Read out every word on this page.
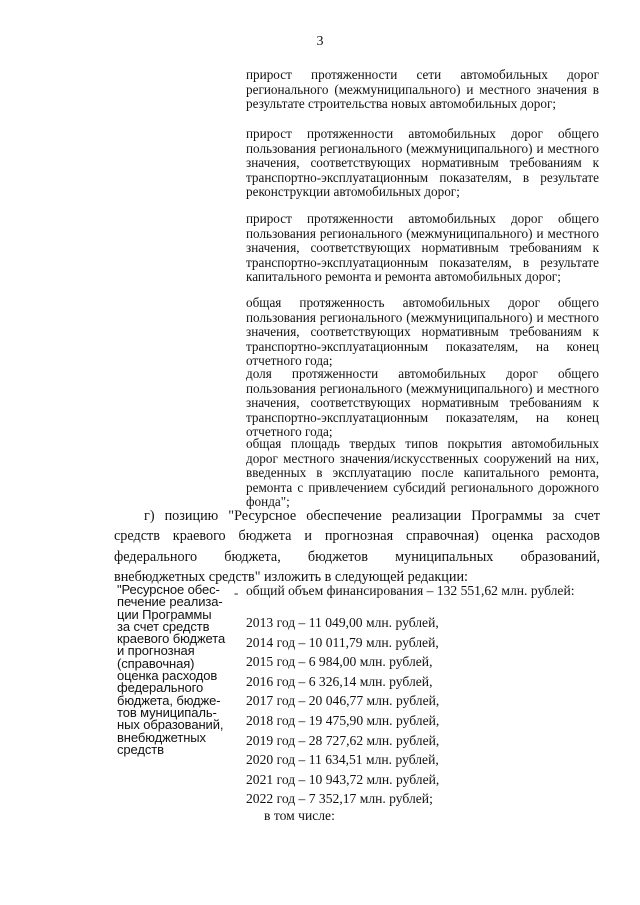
3
прирост протяженности сети автомобильных дорог регионального (межмуниципального) и местного значения в результате строительства новых автомобильных дорог;
прирост протяженности автомобильных дорог общего пользования регионального (межмуниципального) и местного значения, соответствующих нормативным требованиям к транспортно-эксплуатационным показателям, в результате реконструкции автомобильных дорог;
прирост протяженности автомобильных дорог общего пользования регионального (межмуниципального) и местного значения, соответствующих нормативным требованиям к транспортно-эксплуатационным показателям, в результате капитального ремонта и ремонта автомобильных дорог;
общая протяженность автомобильных дорог общего пользования регионального (межмуниципального) и местного значения, соответствующих нормативным требованиям к транспортно-эксплуатационным показателям, на конец отчетного года;
доля протяженности автомобильных дорог общего пользования регионального (межмуниципального) и местного значения, соответствующих нормативным требованиям к транспортно-эксплуатационным показателям, на конец отчетного года;
общая площадь твердых типов покрытия автомобильных дорог местного значения/искусственных сооружений на них, введенных в эксплуатацию после капитального ремонта, ремонта с привлечением субсидий регионального дорожного фонда";
г) позицию "Ресурсное обеспечение реализации Программы за счет средств краевого бюджета и прогнозная справочная) оценка расходов федерального бюджета, бюджетов муниципальных образований, внебюджетных средств" изложить в следующей редакции:
"Ресурсное обес-
печение реализа-
ции Программы
за счет средств
краевого бюджета
и прогнозная
(справочная)
оценка расходов
федерального
бюджета, бюдже-
тов муниципаль-
ных образований,
внебюджетных
средств
- общий объем финансирования – 132 551,62 млн. рублей:
2013 год – 11 049,00 млн. рублей,
2014 год – 10 011,79 млн. рублей,
2015 год – 6 984,00 млн. рублей,
2016 год – 6 326,14 млн. рублей,
2017 год – 20 046,77 млн. рублей,
2018 год – 19 475,90 млн. рублей,
2019 год – 28 727,62 млн. рублей,
2020 год – 11 634,51 млн. рублей,
2021 год – 10 943,72 млн. рублей,
2022 год – 7 352,17 млн. рублей;
в том числе:
